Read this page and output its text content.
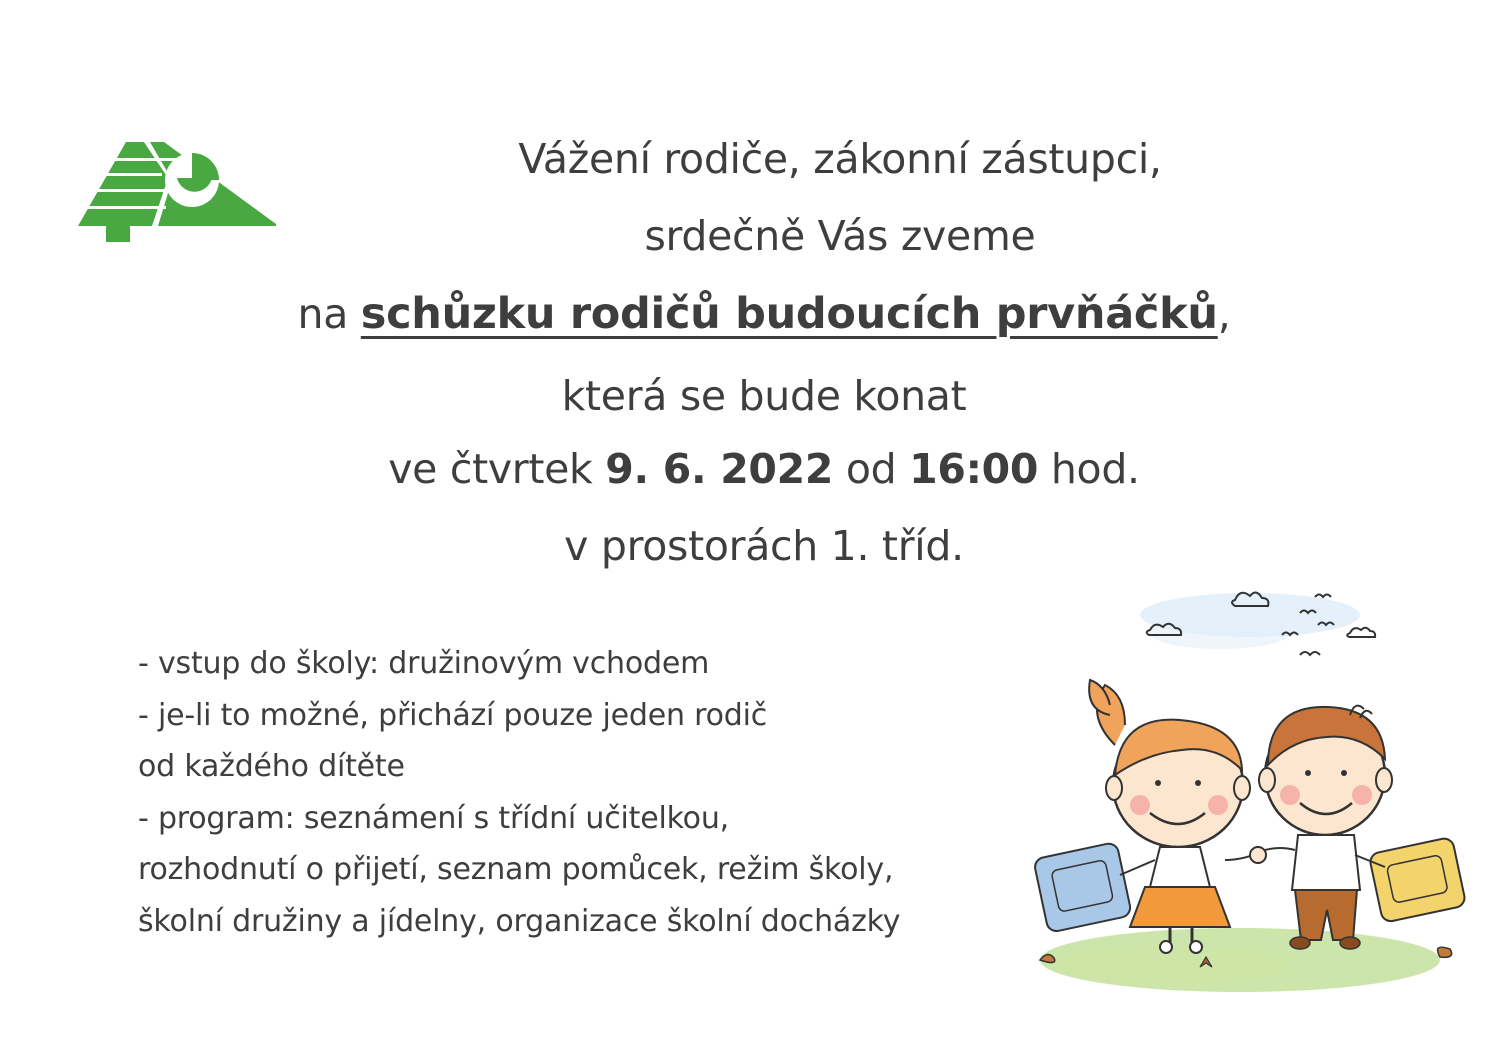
Vážení rodiče, zákonní zástupci,
srdečně Vás zveme
na schůzku rodičů budoucích prvňáčků,
která se bude konat
ve čtvrtek 9. 6. 2022 od 16:00 hod.
v prostorách 1. tříd.
- vstup do školy: družinovým vchodem
- je-li to možné, přichází pouze jeden rodič
od každého dítěte
- program: seznámení s třídní učitelkou,
rozhodnutí o přijetí, seznam pomůcek, režim školy,
školní družiny a jídelny, organizace školní docházky
